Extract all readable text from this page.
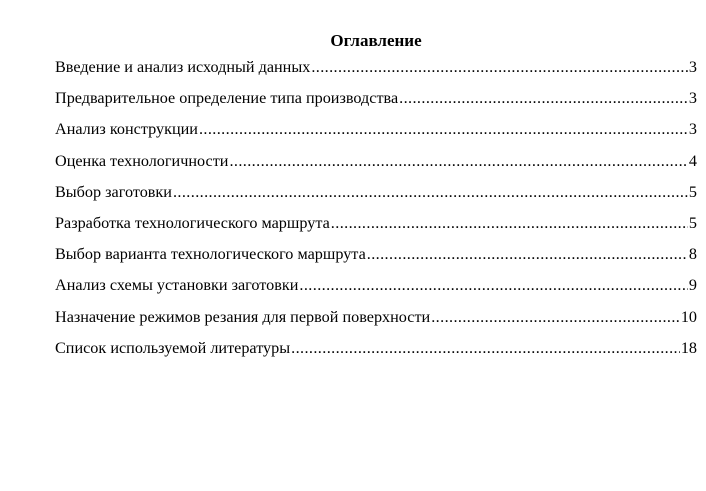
Оглавление
Введение и анализ исходный данных .....	3
Предварительное определение типа производства .....	3
Анализ конструкции .....	3
Оценка технологичности .....	4
Выбор заготовки .....	5
Разработка технологического маршрута .....	5
Выбор варианта технологического маршрута .....	8
Анализ схемы установки заготовки .....	9
Назначение режимов резания для первой поверхности .....	10
Список используемой литературы .....	18
